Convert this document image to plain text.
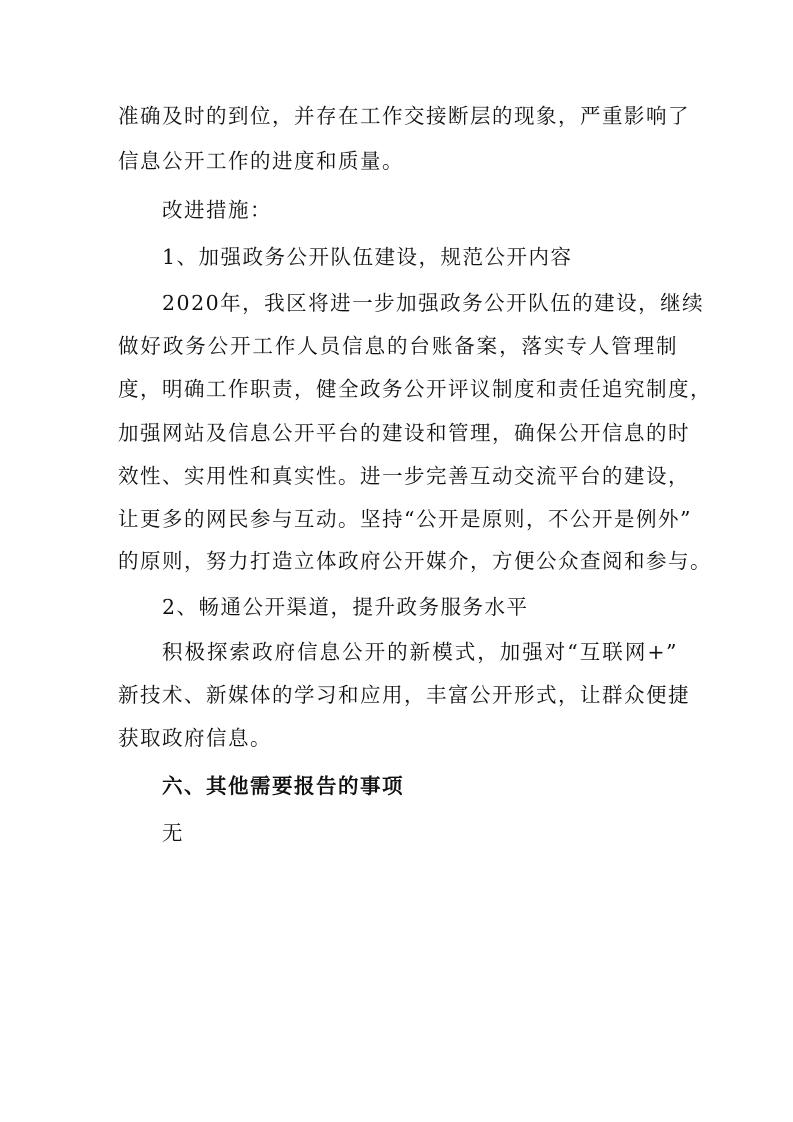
准确及时的到位，并存在工作交接断层的现象，严重影响了
信息公开工作的进度和质量。
改进措施：
1、加强政务公开队伍建设，规范公开内容
2020年，我区将进一步加强政务公开队伍的建设，继续
做好政务公开工作人员信息的台账备案，落实专人管理制
度，明确工作职责，健全政务公开评议制度和责任追究制度，
加强网站及信息公开平台的建设和管理，确保公开信息的时
效性、实用性和真实性。进一步完善互动交流平台的建设，
让更多的网民参与互动。坚持“公开是原则，不公开是例外”
的原则，努力打造立体政府公开媒介，方便公众查阅和参与。
2、畅通公开渠道，提升政务服务水平
积极探索政府信息公开的新模式，加强对“互联网+”
新技术、新媒体的学习和应用，丰富公开形式，让群众便捷
获取政府信息。
六、其他需要报告的事项
无
